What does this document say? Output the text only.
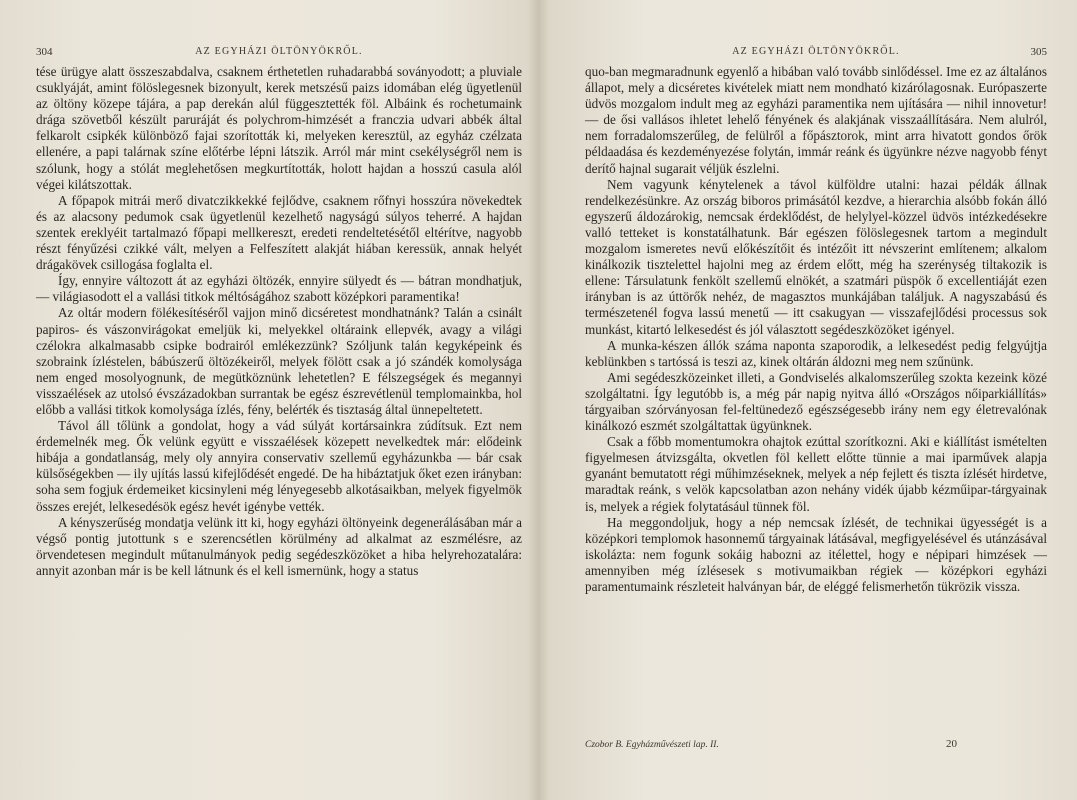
304	AZ EGYHÁZI ÖLTÖNYÖKRŐL.

tése ürügye alatt összeszabdalva, csaknem érthetetlen ruhadarabbá soványodott; a pluviale csuklyáját, amint fölöslegesnek bizonyult, kerek metszésű paizs idomában elég ügyetlenül az öltöny közepe tájára, a pap derekán alúl függesztették föl. Albáink és rochetumaink drága szövetből készült paruráját és polychrom-himzését a franczia udvari abbék által felkarolt csipkék különböző fajai szorították ki, melyeken keresztül, az egyház czélzata ellenére, a papi talárnak színe előtérbe lépni látszik. Arról már mint csekélységről nem is szólunk, hogy a stólát meglehetősen megkurtították, holott hajdan a hosszú casula alól végei kilátszottak.

A főpapok mitrái merő divatczikkekké fejlődve, csaknem rőfnyi hosszúra növekedtek és az alacsony pedumok csak ügyetlenül kezelhető nagyságú súlyos teherré. A hajdan szentek ereklyéit tartalmazó főpapi mellkereszt, eredeti rendeltetésétől eltérítve, nagyobb részt fényűzési czikké vált, melyen a Felfeszített alakját hiában keressük, annak helyét drágakövek csillogása foglalta el.

Így, ennyire változott át az egyházi öltözék, ennyire sülyedt és — bátran mondhatjuk, — világiasodott el a vallási titkok méltóságához szabott középkori paramentika!

Az oltár modern fölékesítéséről vajjon minő dicséretest mondhatnánk? Talán a csinált papiros- és vászonvirágokat emeljük ki, melyekkel oltáraink ellepvék, avagy a világi czélokra alkalmasabb csipke bodrairól emlékezzünk? Szóljunk talán kegyképeink és szobraink ízléstelen, bábúszerű öltözékeiről, melyek fölött csak a jó szándék komolysága nem enged mosolyognunk, de megütköznünk lehetetlen? E félszegségek és megannyi visszaélések az utolsó évszázadokban surrantak be egész észrevétlenül templomainkba, hol előbb a vallási titkok komolysága ízlés, fény, belérték és tisztaság által ünnepeltetett.

Távol áll tőlünk a gondolat, hogy a vád súlyát kortársainkra zúdítsuk. Ezt nem érdemelnék meg. Ők velünk együtt e visszaélések közepett nevelkedtek már: elődeink hibája a gondatlanság, mely oly annyira conservativ szellemű egyházunkba — bár csak külsőségekben — ily ujítás lassú kifejlődését engedé. De ha hibáztatjuk őket ezen irányban: soha sem fogjuk érdemeiket kicsinyleni még lényegesebb alkotásaikban, melyek figyelmök összes erejét, lelkesedésök egész hevét igénybe vették.

A kényszerűség mondatja velünk itt ki, hogy egyházi öltönyeink degenerálásában már a végső pontig jutottunk s e szerencsétlen körülmény ad alkalmat az eszmélésre, az örvendetesen megindult műtanulmányok pedig segédeszközöket a hiba helyrehozatalára: annyit azonban már is be kell látnunk és el kell ismernünk, hogy a status

AZ EGYHÁZI ÖLTÖNYÖKRŐL.	305

quo-ban megmaradnunk egyenlő a hibában való tovább sinlődéssel. Ime ez az általános állapot, mely a dicséretes kivételek miatt nem mondható kizárólagosnak. Európaszerte üdvös mozgalom indult meg az egyházi paramentika nem ujítására — nihil innovetur! — de ősi vallásos ihletet lehelő fényének és alakjának visszaállítására. Nem alulról, nem forradalomszerűleg, de felülről a főpásztorok, mint arra hivatott gondos őrök példaadása és kezdeményezése folytán, immár reánk és ügyünkre nézve nagyobb fényt derítő hajnal sugarait véljük észlelni.

Nem vagyunk kénytelenek a távol külföldre utalni: hazai példák állnak rendelkezésünkre. Az ország biboros primásától kezdve, a hierarchia alsóbb fokán álló egyszerű áldozárokig, nemcsak érdeklődést, de helylyel-közzel üdvös intézkedésekre valló tetteket is konstatálhatunk. Bár egészen fölöslegesnek tartom a megindult mozgalom ismeretes nevű előkészítőit és intézőit itt névszerint említenem; alkalom kinálkozik tisztelettel hajolni meg az érdem előtt, még ha szerénység tiltakozik is ellene: Társulatunk fenkölt szellemű elnökét, a szatmári püspök ő excellentiáját ezen irányban is az úttörők nehéz, de magasztos munkájában találjuk. A nagyszabású és természetenél fogva lassú menetű — itt csakugyan — visszafejlődési processus sok munkást, kitartó lelkesedést és jól választott segédeszközöket igényel.

A munka-készen állók száma naponta szaporodik, a lelkesedést pedig felgyújtja keblünkben s tartóssá is teszi az, kinek oltárán áldozni meg nem szűnünk.

Ami segédeszközeinket illeti, a Gondviselés alkalomszerűleg szokta kezeink közé szolgáltatni. Így legutóbb is, a még pár napig nyitva álló «Országos nőiparkiállítás» tárgyaiban szórványosan fel-feltünedező egészségesebb irány nem egy életrevalónak kinálkozó eszmét szolgáltattak ügyünknek.

Csak a főbb momentumokra ohajtok ezúttal szorítkozni. Aki e kiállítást ismételten figyelmesen átvizsgálta, okvetlen föl kellett előtte tünnie a mai iparművek alapja gyanánt bemutatott régi műhimzéseknek, melyek a nép fejlett és tiszta ízlését hirdetve, maradtak reánk, s velök kapcsolatban azon nehány vidék újabb kézműipar-tárgyainak is, melyek a régiek folytatásául tünnek föl.

Ha meggondoljuk, hogy a nép nemcsak ízlését, de technikai ügyességét is a középkori templomok hasonnemű tárgyainak látásával, megfigyelésével és utánzásával iskolázta: nem fogunk sokáig habozni az itélettel, hogy e népipari himzések — amennyiben még ízlésesek s motivumaikban régiek — középkori egyházi paramentumaink részleteit halványan bár, de eléggé felismerhetőn tükrözik vissza.

Czobor B. Egyházművészeti lap. II.	20
